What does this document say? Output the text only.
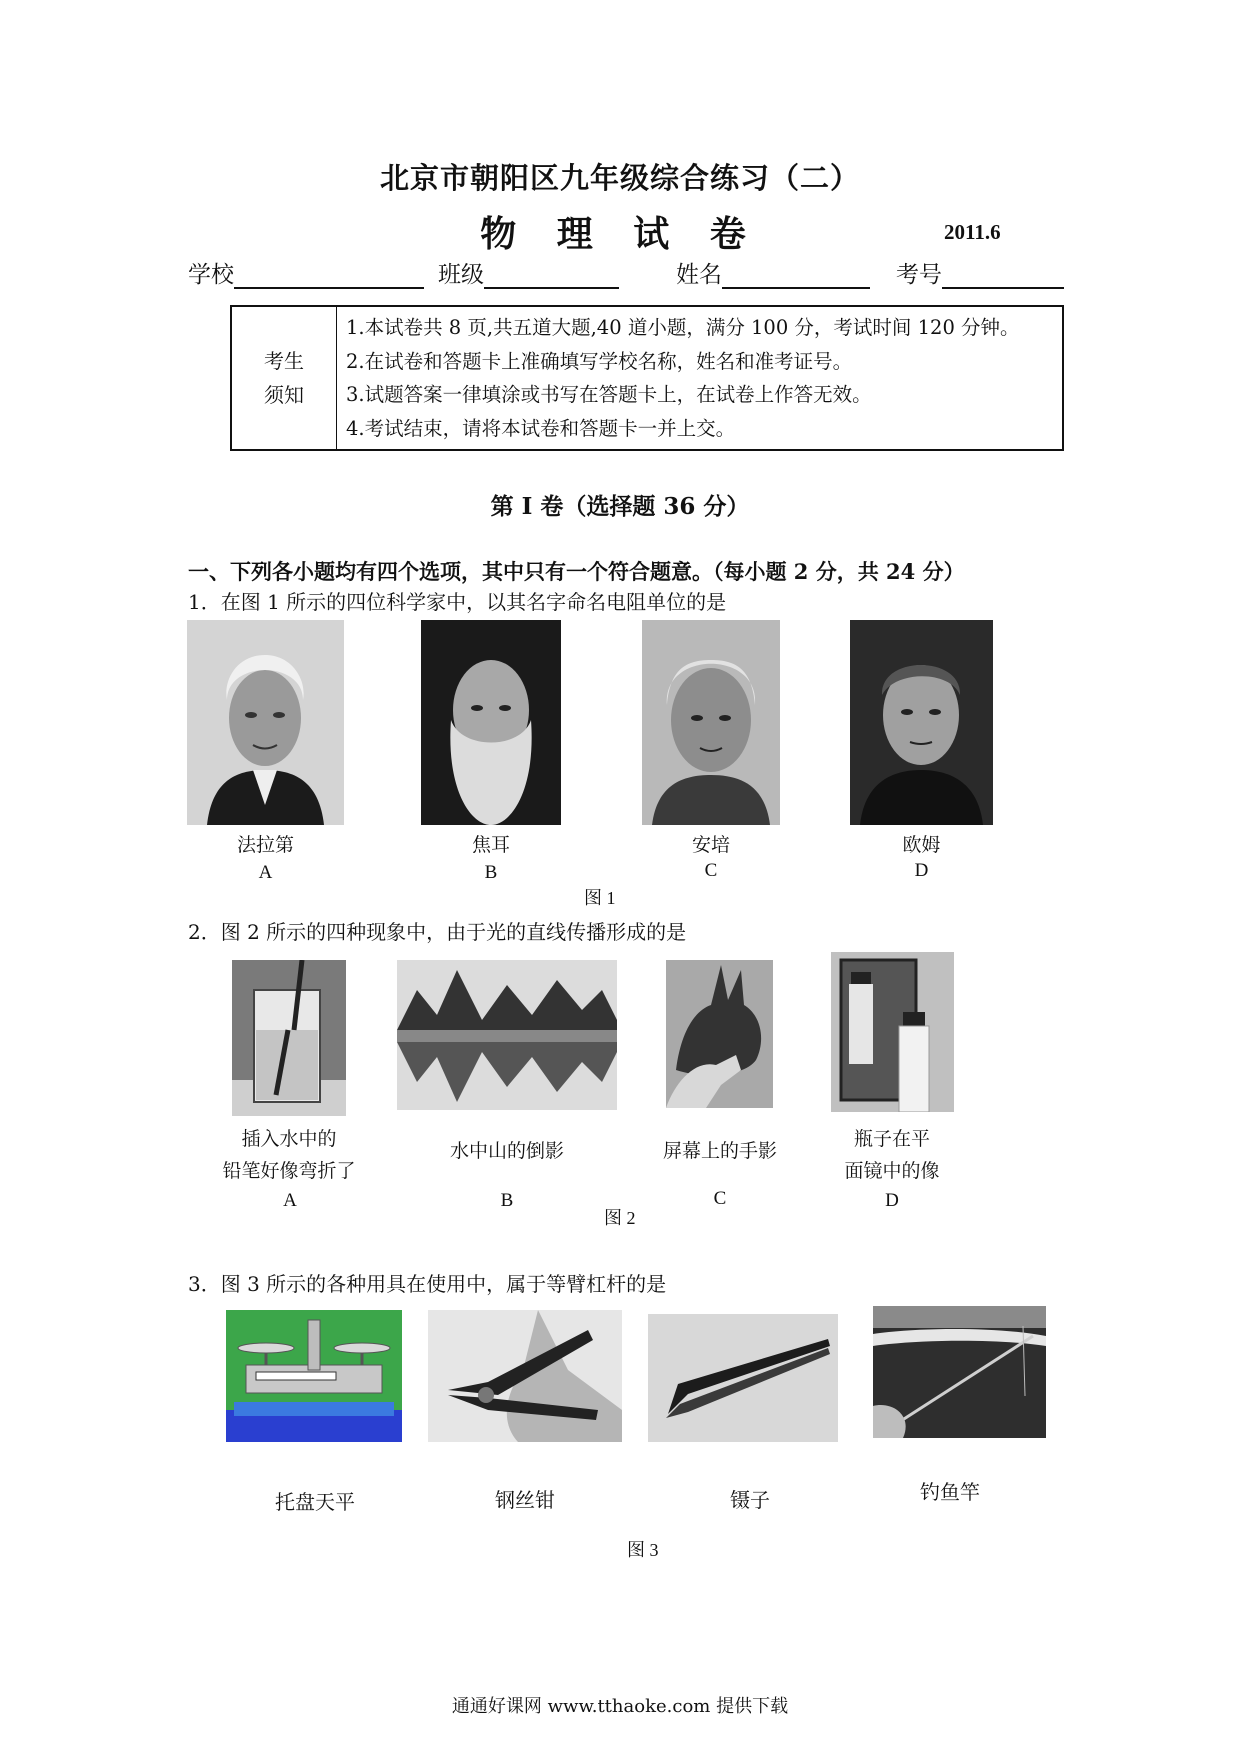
北京市朝阳区九年级综合练习（二）
物 理 试 卷	2011.6
学校	班级	姓名	考号
考生
须知
1.本试卷共 8 页,共五道大题,40 道小题，满分 100 分，考试时间 120 分钟。
2.在试卷和答题卡上准确填写学校名称，姓名和准考证号。
3.试题答案一律填涂或书写在答题卡上，在试卷上作答无效。
4.考试结束，请将本试卷和答题卡一并上交。
第 I 卷（选择题 36 分）
一、下列各小题均有四个选项，其中只有一个符合题意。（每小题 2 分，共 24 分）
1．在图 1 所示的四位科学家中，以其名字命名电阻单位的是
法拉第	焦耳	安培	欧姆
A	B	C	D
图 1
2．图 2 所示的四种现象中，由于光的直线传播形成的是
插入水中的
铅笔好像弯折了
水中山的倒影	屏幕上的手影
瓶子在平
面镜中的像
A	B	C	D
图 2
3．图 3 所示的各种用具在使用中，属于等臂杠杆的是
托盘天平	钢丝钳	镊子	钓鱼竿
图 3
通通好课网 www.tthaoke.com 提供下载
